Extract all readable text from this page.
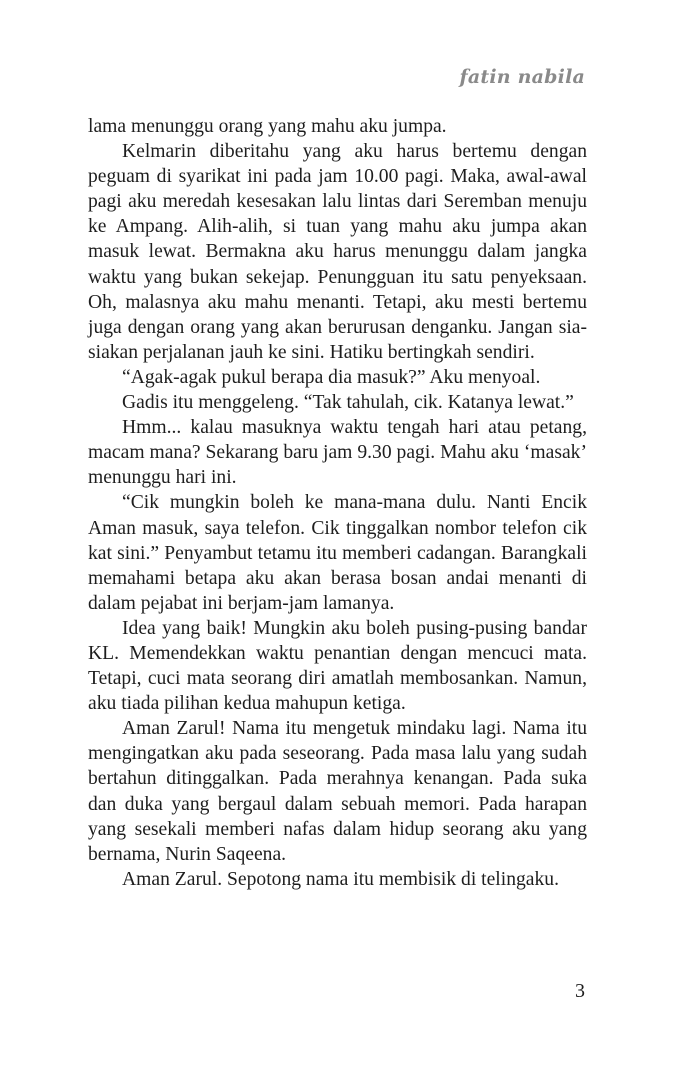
fatin nabila

lama menunggu orang yang mahu aku jumpa.

Kelmarin diberitahu yang aku harus bertemu dengan peguam di syarikat ini pada jam 10.00 pagi. Maka, awal-awal pagi aku meredah kesesakan lalu lintas dari Seremban menuju ke Ampang. Alih-alih, si tuan yang mahu aku jumpa akan masuk lewat. Bermakna aku harus menunggu dalam jangka waktu yang bukan sekejap. Penungguan itu satu penyeksaan. Oh, malasnya aku mahu menanti. Tetapi, aku mesti bertemu juga dengan orang yang akan berurusan denganku. Jangan sia-siakan perjalanan jauh ke sini. Hatiku bertingkah sendiri.

“Agak-agak pukul berapa dia masuk?” Aku menyoal.

Gadis itu menggeleng. “Tak tahulah, cik. Katanya lewat.”

Hmm... kalau masuknya waktu tengah hari atau petang, macam mana? Sekarang baru jam 9.30 pagi. Mahu aku ‘masak’ menunggu hari ini.

“Cik mungkin boleh ke mana-mana dulu. Nanti Encik Aman masuk, saya telefon. Cik tinggalkan nombor telefon cik kat sini.” Penyambut tetamu itu memberi cadangan. Barangkali memahami betapa aku akan berasa bosan andai menanti di dalam pejabat ini berjam-jam lamanya.

Idea yang baik! Mungkin aku boleh pusing-pusing bandar KL. Memendekkan waktu penantian dengan mencuci mata. Tetapi, cuci mata seorang diri amatlah membosankan. Namun, aku tiada pilihan kedua mahupun ketiga.

Aman Zarul! Nama itu mengetuk mindaku lagi. Nama itu mengingatkan aku pada seseorang. Pada masa lalu yang sudah bertahun ditinggalkan. Pada merahnya kenangan. Pada suka dan duka yang bergaul dalam sebuah memori. Pada harapan yang sesekali memberi nafas dalam hidup seorang aku yang bernama, Nurin Saqeena.

Aman Zarul. Sepotong nama itu membisik di telingaku.

3
